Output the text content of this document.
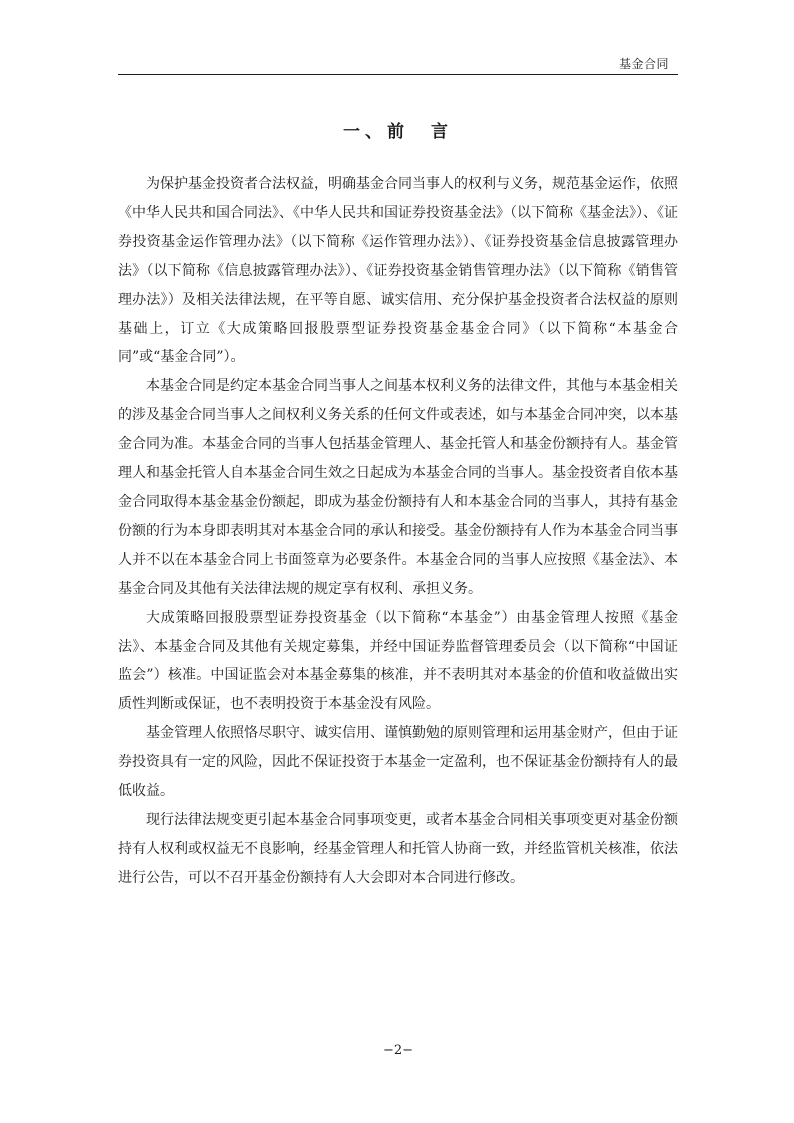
基金合同
一、前　言

为保护基金投资者合法权益，明确基金合同当事人的权利与义务，规范基金运作，依照《中华人民共和国合同法》、《中华人民共和国证券投资基金法》（以下简称《基金法》）、《证券投资基金运作管理办法》（以下简称《运作管理办法》）、《证券投资基金信息披露管理办法》（以下简称《信息披露管理办法》）、《证券投资基金销售管理办法》（以下简称《销售管理办法》）及相关法律法规，在平等自愿、诚实信用、充分保护基金投资者合法权益的原则基础上，订立《大成策略回报股票型证券投资基金基金合同》（以下简称“本基金合同”或“基金合同”）。

本基金合同是约定本基金合同当事人之间基本权利义务的法律文件，其他与本基金相关的涉及基金合同当事人之间权利义务关系的任何文件或表述，如与本基金合同冲突，以本基金合同为准。本基金合同的当事人包括基金管理人、基金托管人和基金份额持有人。基金管理人和基金托管人自本基金合同生效之日起成为本基金合同的当事人。基金投资者自依本基金合同取得本基金基金份额起，即成为基金份额持有人和本基金合同的当事人，其持有基金份额的行为本身即表明其对本基金合同的承认和接受。基金份额持有人作为本基金合同当事人并不以在本基金合同上书面签章为必要条件。本基金合同的当事人应按照《基金法》、本基金合同及其他有关法律法规的规定享有权利、承担义务。

大成策略回报股票型证券投资基金（以下简称“本基金”）由基金管理人按照《基金法》、本基金合同及其他有关规定募集，并经中国证券监督管理委员会（以下简称“中国证监会”）核准。中国证监会对本基金募集的核准，并不表明其对本基金的价值和收益做出实质性判断或保证，也不表明投资于本基金没有风险。

基金管理人依照恪尽职守、诚实信用、谨慎勤勉的原则管理和运用基金财产，但由于证券投资具有一定的风险，因此不保证投资于本基金一定盈利，也不保证基金份额持有人的最低收益。

现行法律法规变更引起本基金合同事项变更，或者本基金合同相关事项变更对基金份额持有人权利或权益无不良影响，经基金管理人和托管人协商一致，并经监管机关核准，依法进行公告，可以不召开基金份额持有人大会即对本合同进行修改。

−2−
